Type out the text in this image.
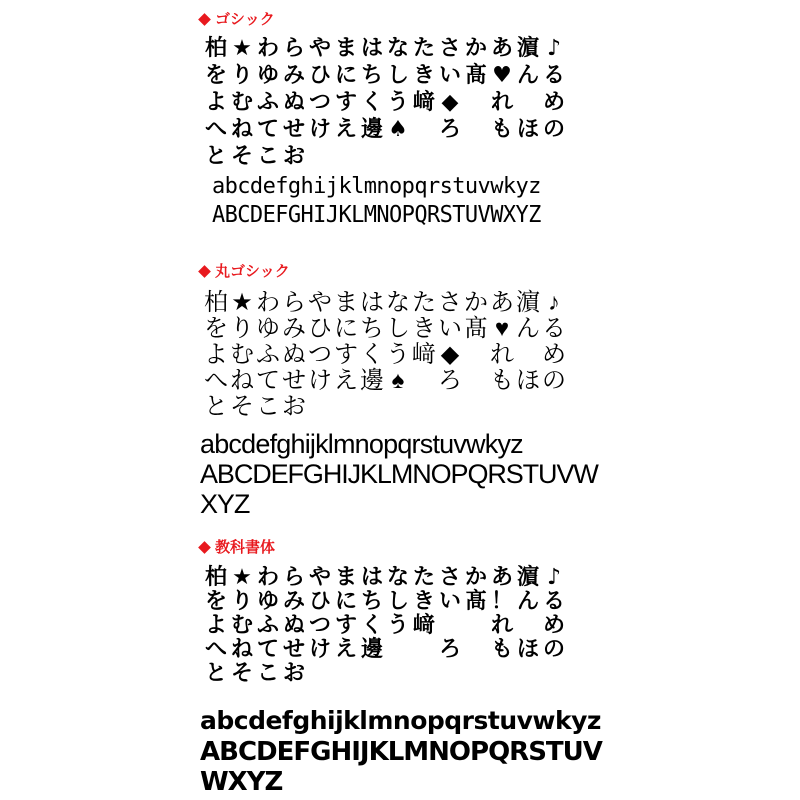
ゴシック
柏 ★ わ ら や ま は な た さ か あ 濵 ♪
を り ゆ み ひ に ち し き い 髙 ♥ ん る
よ む ふ ぬ つ す く う 﨑 ◆ れ め
へ ね て せ け え 邊 ♠ ろ も ほ の
と そ こ お
abcdefghijklmnopqrstuvwkyz
ABCDEFGHIJKLMNOPQRSTUVWXYZ
丸ゴシック
柏 ★ わ ら や ま は な た さ か あ 濵 ♪
を り ゆ み ひ に ち し き い 髙 ♥ ん る
よ む ふ ぬ つ す く う 﨑 ◆ れ め
へ ね て せ け え 邊 ♠ ろ も ほ の
と そ こ お
abcdefghijklmnopqrstuvwkyz
ABCDEFGHIJKLMNOPQRSTUVWXYZ
教科書体
柏 ★ わ ら や ま は な た さ か あ 濵 ♪
を り ゆ み ひ に ち し き い 髙 ！ ん る
よ む ふ ぬ つ す く う 﨑	れ め
へ ね て せ け え 邊	ろ も ほ の
と そ こ お
abcdefghijklmnopqrstuvwkyz
ABCDEFGHIJKLMNOPQRSTUVWXYZ
